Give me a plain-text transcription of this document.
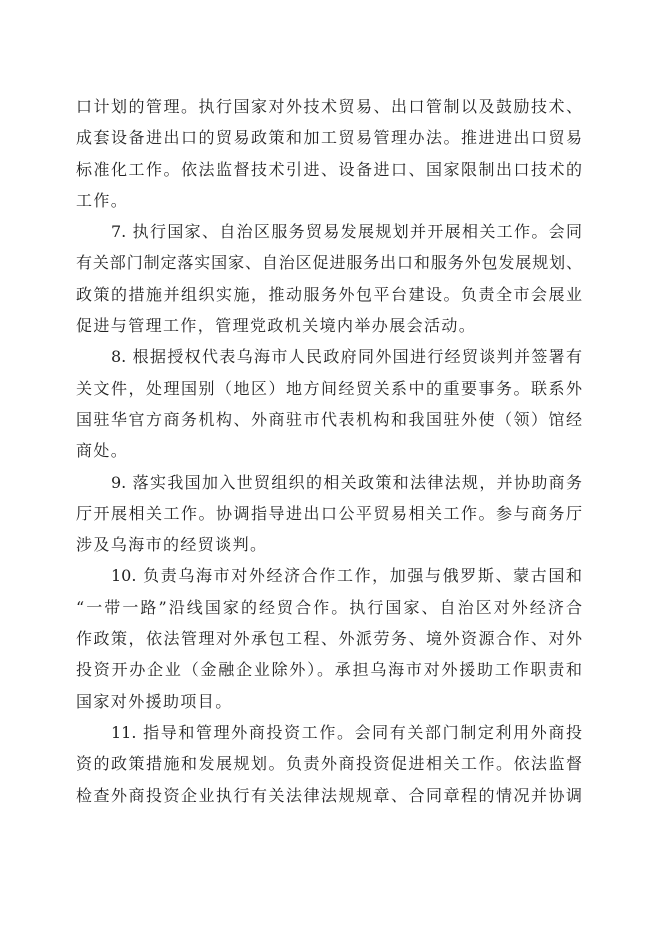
口计划的管理。执行国家对外技术贸易、出口管制以及鼓励技术、
成套设备进出口的贸易政策和加工贸易管理办法。推进进出口贸易
标准化工作。依法监督技术引进、设备进口、国家限制出口技术的
工作。
7. 执行国家、自治区服务贸易发展规划并开展相关工作。会同
有关部门制定落实国家、自治区促进服务出口和服务外包发展规划、
政策的措施并组织实施，推动服务外包平台建设。负责全市会展业
促进与管理工作，管理党政机关境内举办展会活动。
8. 根据授权代表乌海市人民政府同外国进行经贸谈判并签署有
关文件，处理国别（地区）地方间经贸关系中的重要事务。联系外
国驻华官方商务机构、外商驻市代表机构和我国驻外使（领）馆经
商处。
9. 落实我国加入世贸组织的相关政策和法律法规，并协助商务
厅开展相关工作。协调指导进出口公平贸易相关工作。参与商务厅
涉及乌海市的经贸谈判。
10. 负责乌海市对外经济合作工作，加强与俄罗斯、蒙古国和
“一带一路”沿线国家的经贸合作。执行国家、自治区对外经济合
作政策，依法管理对外承包工程、外派劳务、境外资源合作、对外
投资开办企业（金融企业除外）。承担乌海市对外援助工作职责和
国家对外援助项目。
11. 指导和管理外商投资工作。会同有关部门制定利用外商投
资的政策措施和发展规划。负责外商投资促进相关工作。依法监督
检查外商投资企业执行有关法律法规规章、合同章程的情况并协调
